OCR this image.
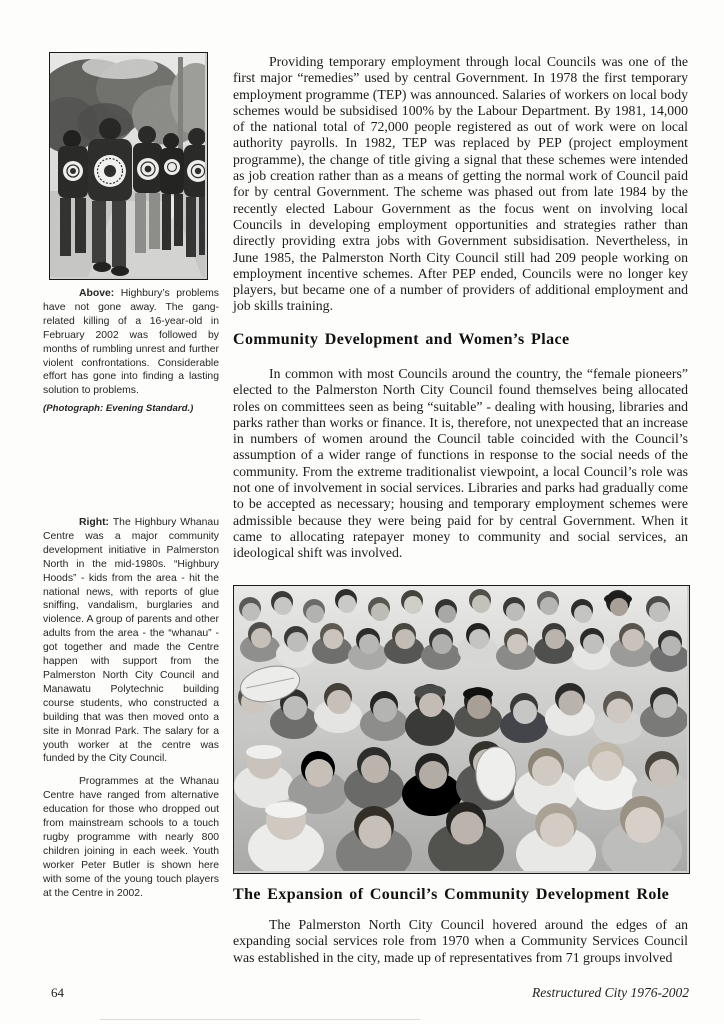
Above: Highbury’s problems have not gone away. The gang-related killing of a 16-year-old in February 2002 was followed by months of rumbling unrest and further violent confrontations. Considerable effort has gone into finding a lasting solution to problems.

(Photograph: Evening Standard.)

Right: The Highbury Whanau Centre was a major community development initiative in Palmerston North in the mid-1980s. “Highbury Hoods” - kids from the area - hit the national news, with reports of glue sniffing, vandalism, burglaries and violence. A group of parents and other adults from the area - the “whanau” - got together and made the Centre happen with support from the Palmerston North City Council and Manawatu Polytechnic building course students, who constructed a building that was then moved onto a site in Monrad Park. The salary for a youth worker at the centre was funded by the City Council.

Programmes at the Whanau Centre have ranged from alternative education for those who dropped out from mainstream schools to a touch rugby programme with nearly 800 children joining in each week. Youth worker Peter Butler is shown here with some of the young touch players at the Centre in 2002.

Providing temporary employment through local Councils was one of the first major “remedies” used by central Government. In 1978 the first temporary employment programme (TEP) was announced. Salaries of workers on local body schemes would be subsidised 100% by the Labour Department. By 1981, 14,000 of the national total of 72,000 people registered as out of work were on local authority payrolls. In 1982, TEP was replaced by PEP (project employment programme), the change of title giving a signal that these schemes were intended as job creation rather than as a means of getting the normal work of Council paid for by central Government. The scheme was phased out from late 1984 by the recently elected Labour Government as the focus went on involving local Councils in developing employment opportunities and strategies rather than directly providing extra jobs with Government subsidisation. Nevertheless, in June 1985, the Palmerston North City Council still had 209 people working on employment incentive schemes. After PEP ended, Councils were no longer key players, but became one of a number of providers of additional employment and job skills training.

Community Development and Women’s Place

In common with most Councils around the country, the “female pioneers” elected to the Palmerston North City Council found themselves being allocated roles on committees seen as being “suitable” - dealing with housing, libraries and parks rather than works or finance. It is, therefore, not unexpected that an increase in numbers of women around the Council table coincided with the Council’s assumption of a wider range of functions in response to the social needs of the community. From the extreme traditionalist viewpoint, a local Council’s role was not one of involvement in social services. Libraries and parks had gradually come to be accepted as necessary; housing and temporary employment schemes were admissible because they were being paid for by central Government. When it came to allocating ratepayer money to community and social services, an ideological shift was involved.

The Expansion of Council’s Community Development Role

The Palmerston North City Council hovered around the edges of an expanding social services role from 1970 when a Community Services Council was established in the city, made up of representatives from 71 groups involved

64	Restructured City 1976-2002
